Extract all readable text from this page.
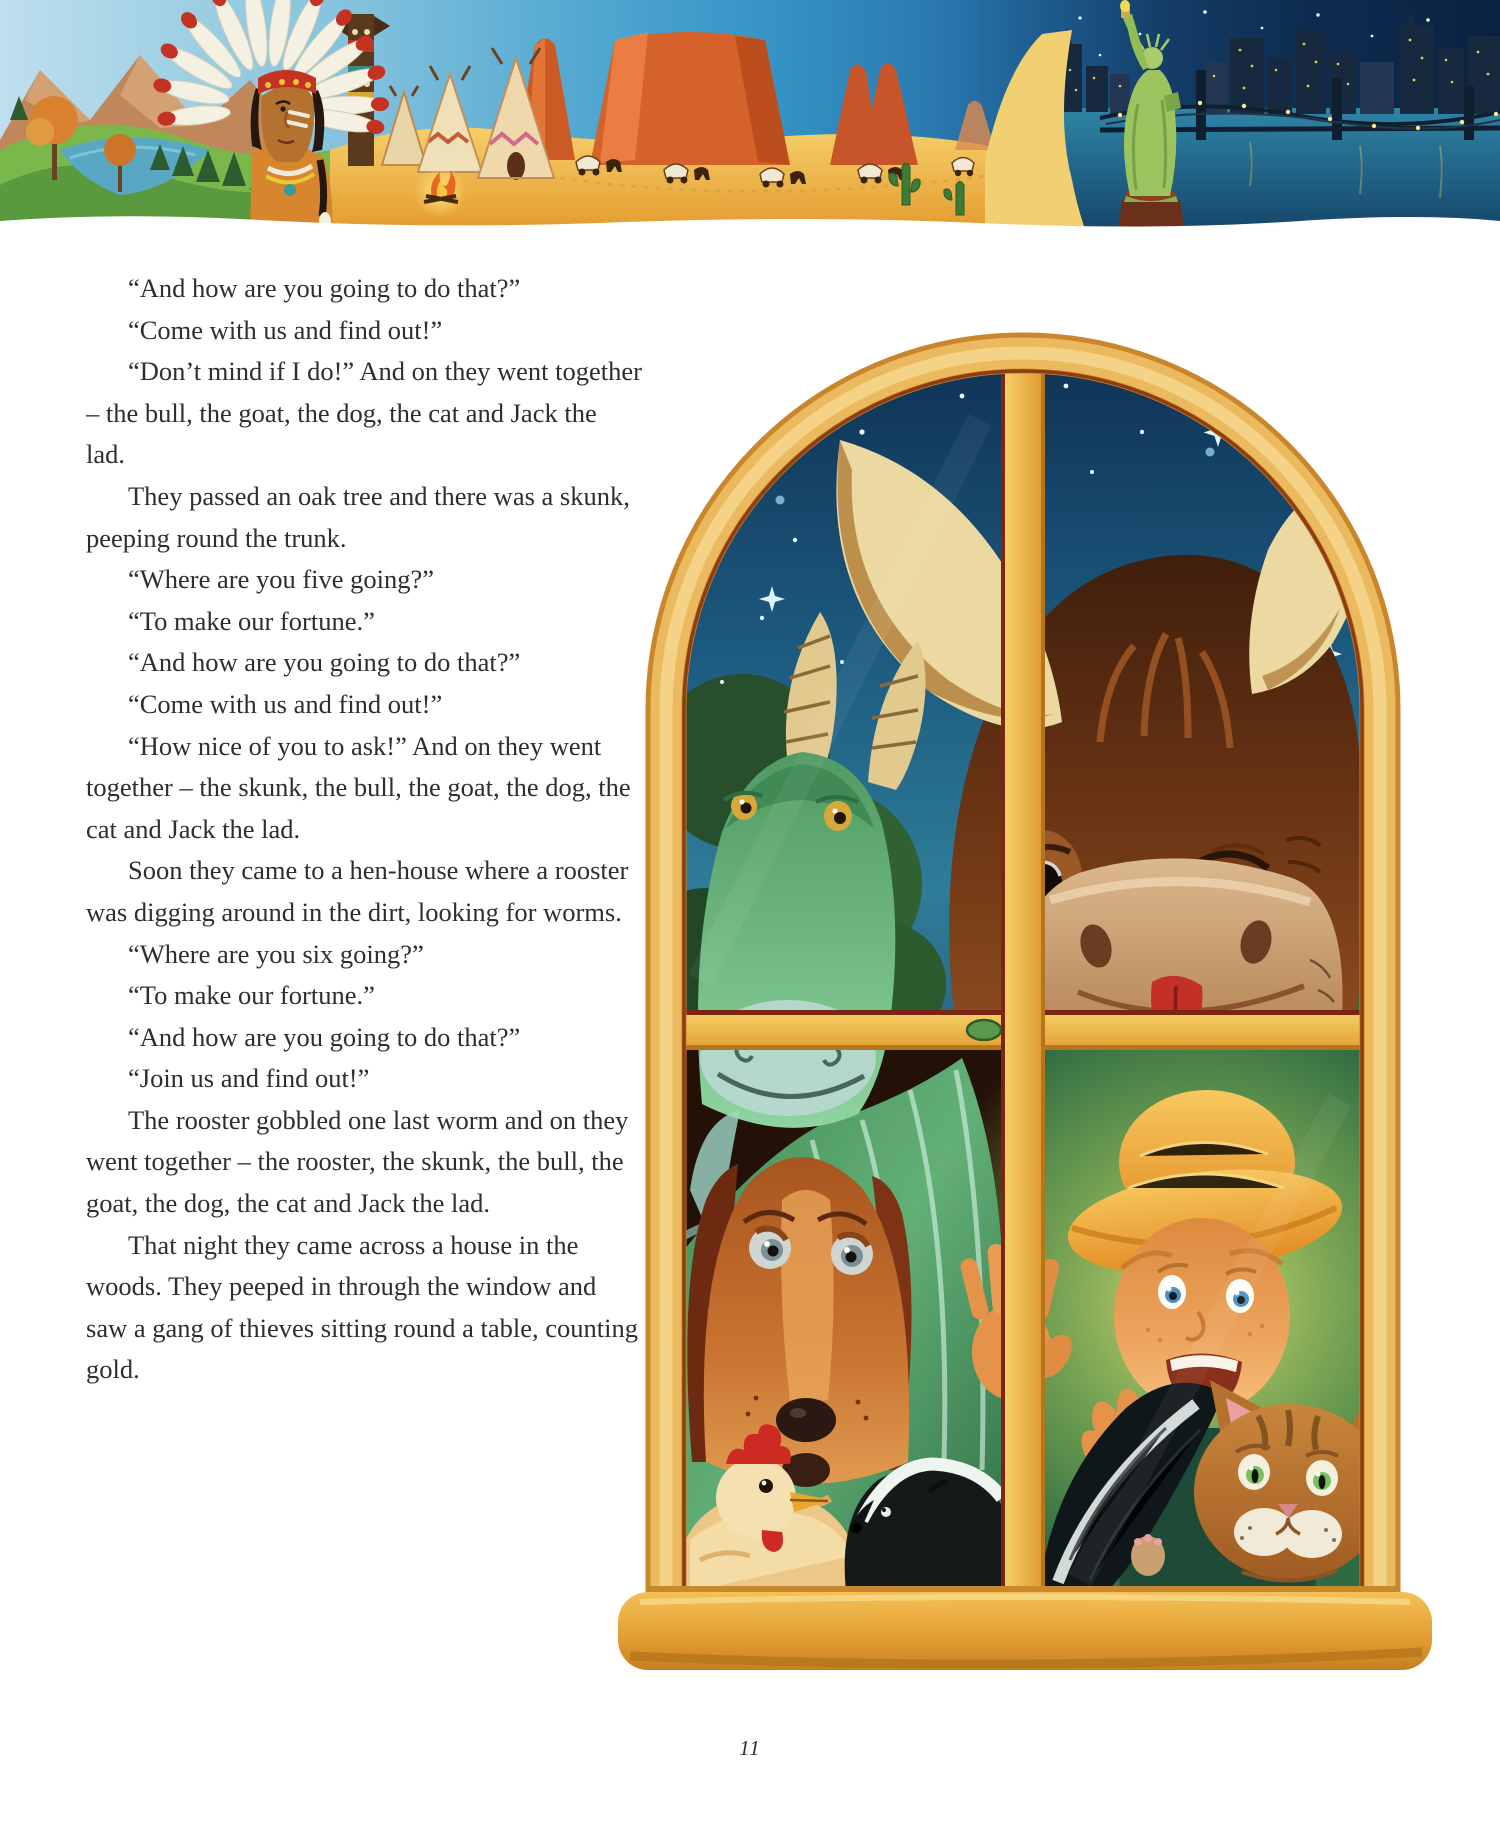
“And how are you going to do that?”

“Come with us and find out!”

“Don’t mind if I do!” And on they went together – the bull, the goat, the dog, the cat and Jack the lad.

They passed an oak tree and there was a skunk, peeping round the trunk.

“Where are you five going?”

“To make our fortune.”

“And how are you going to do that?”

“Come with us and find out!”

“How nice of you to ask!” And on they went together – the skunk, the bull, the goat, the dog, the cat and Jack the lad.

Soon they came to a hen-house where a rooster was digging around in the dirt, looking for worms.

“Where are you six going?”

“To make our fortune.”

“And how are you going to do that?”

“Join us and find out!”

The rooster gobbled one last worm and on they went together – the rooster, the skunk, the bull, the goat, the dog, the cat and Jack the lad.

That night they came across a house in the woods. They peeped in through the window and saw a gang of thieves sitting round a table, counting gold.

11
